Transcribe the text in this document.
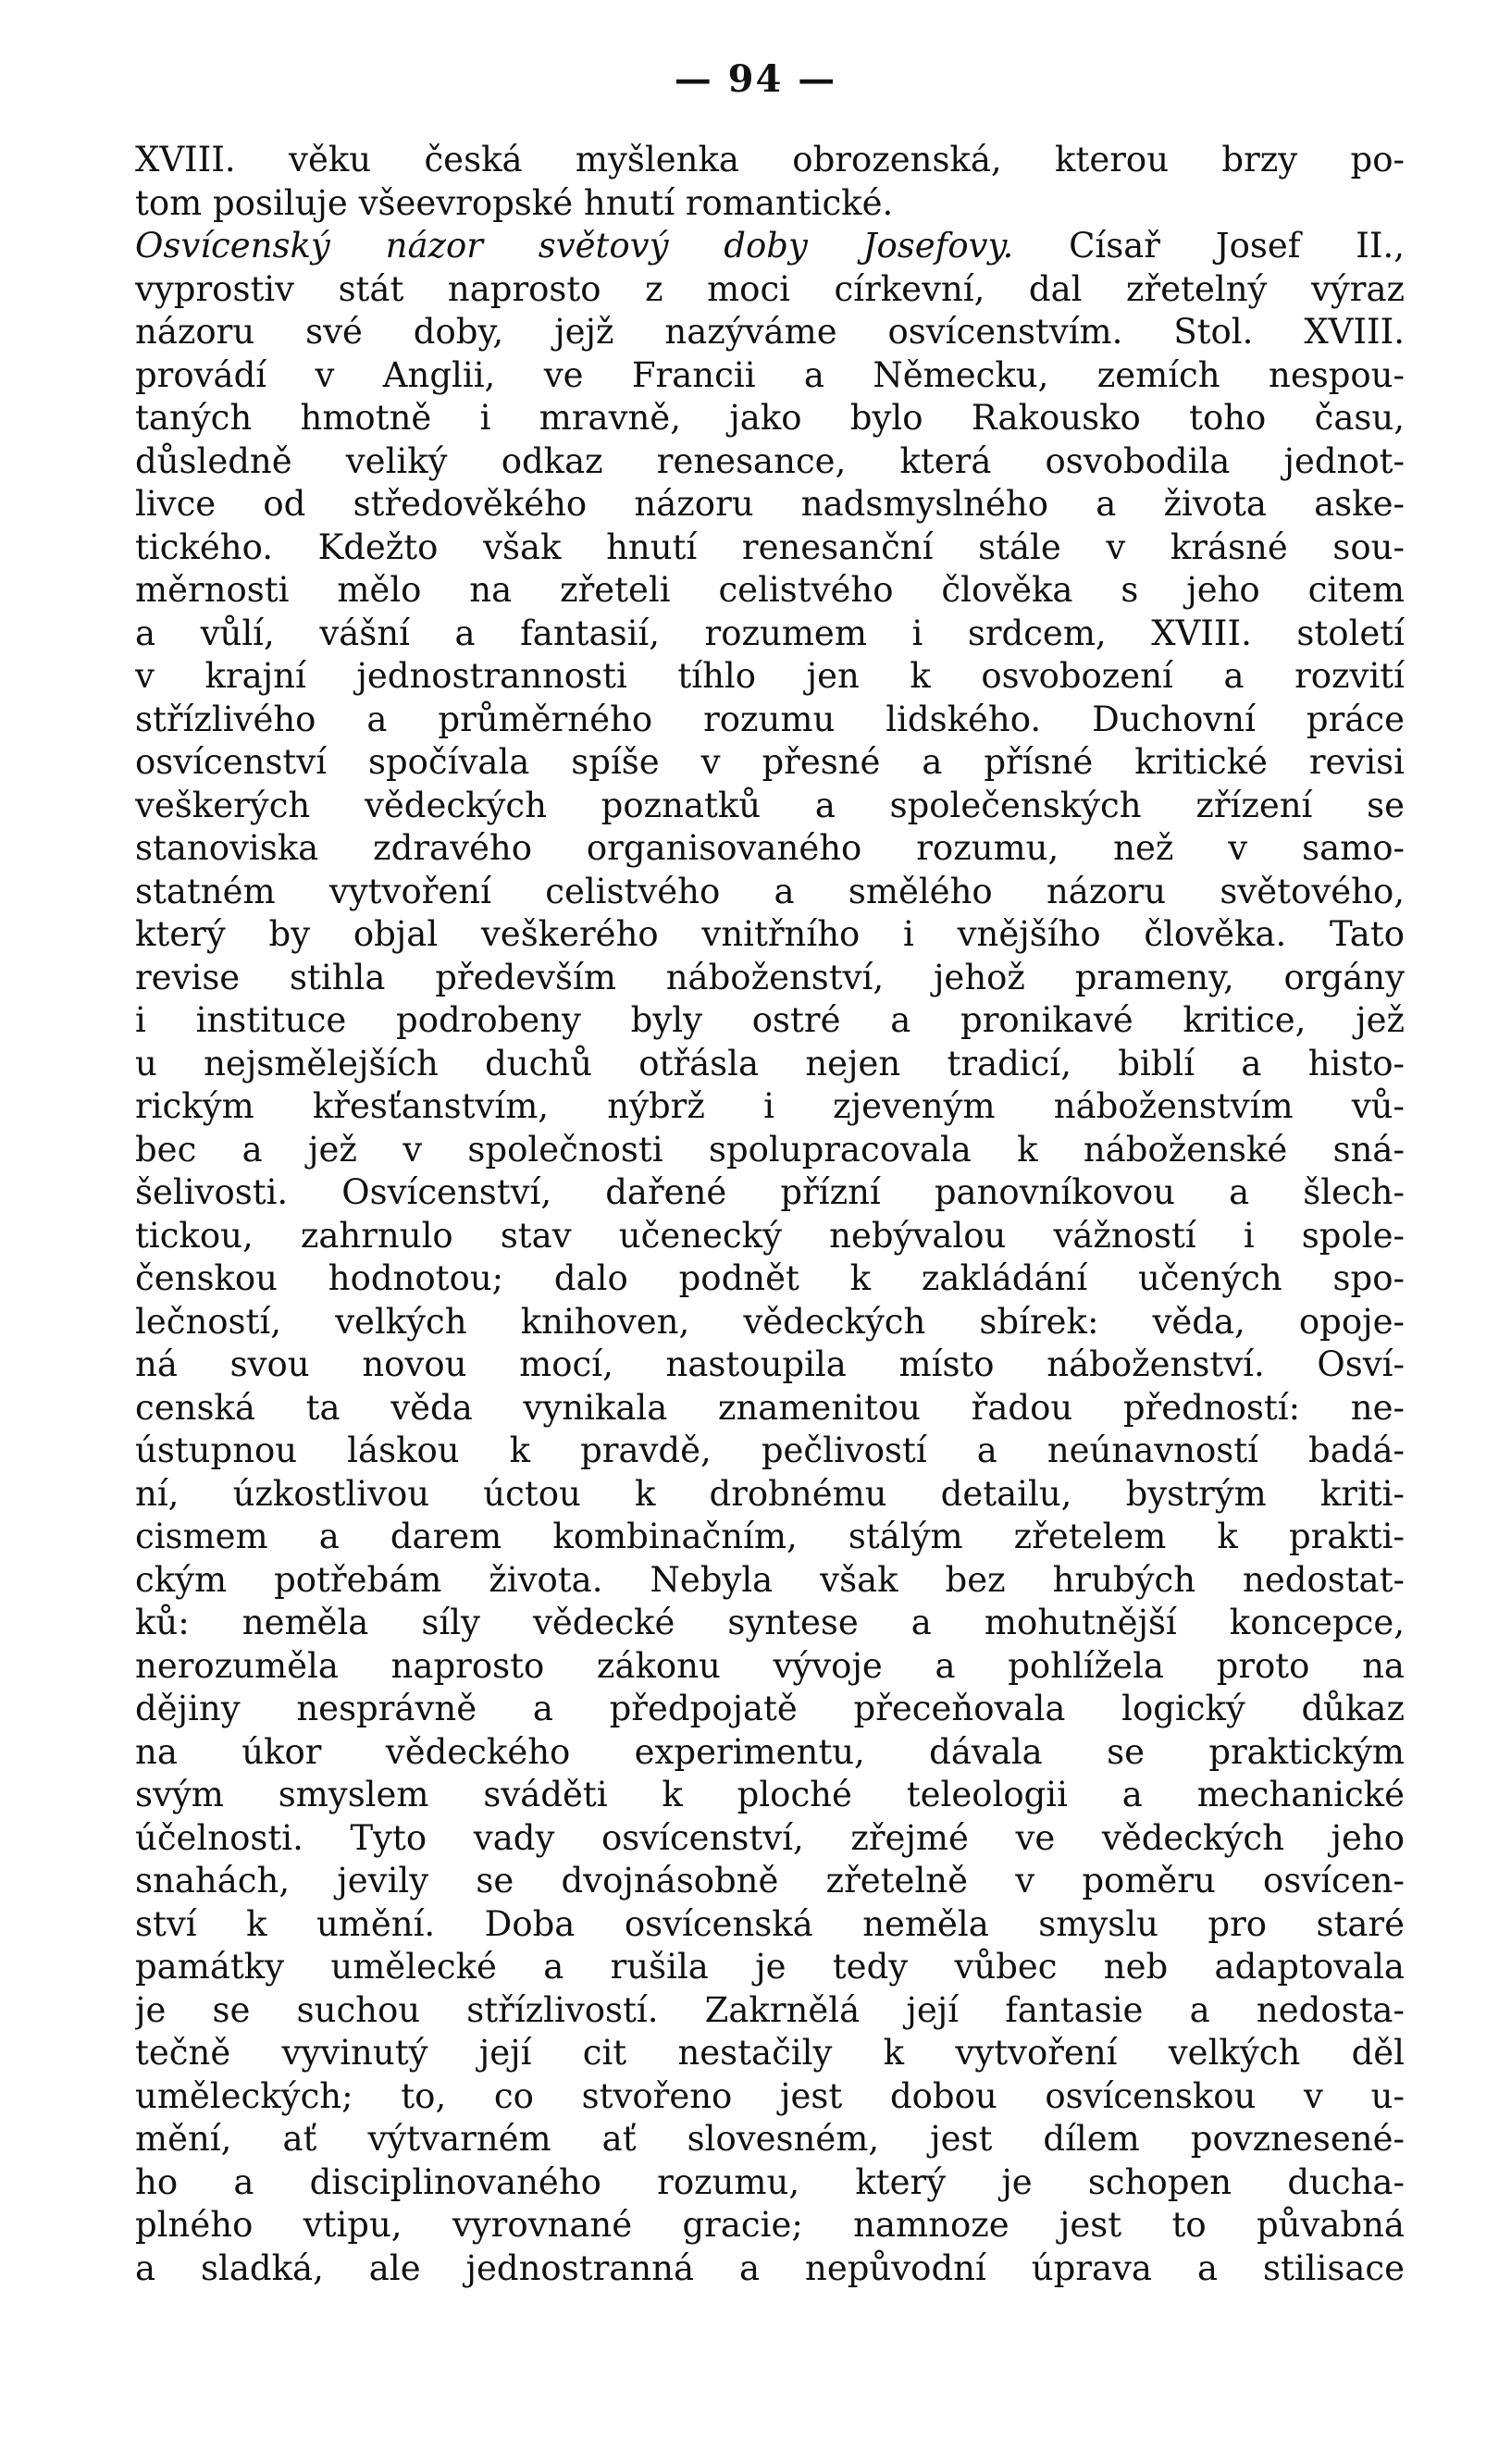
— 94 —
XVIII. věku česká myšlenka obrozenská, kterou brzy po-
tom posiluje všeevropské hnutí romantické.
Osvícenský názor světový doby Josefovy. Císař Josef II.,
vyprostiv stát naprosto z moci církevní, dal zřetelný výraz
názoru své doby, jejž nazýváme osvícenstvím. Stol. XVIII.
provádí v Anglii, ve Francii a Německu, zemích nespou-
taných hmotně i mravně, jako bylo Rakousko toho času,
důsledně veliký odkaz renesance, která osvobodila jednot-
livce od středověkého názoru nadsmyslného a života aske-
tického. Kdežto však hnutí renesanční stále v krásné sou-
měrnosti mělo na zřeteli celistvého člověka s jeho citem
a vůlí, vášní a fantasií, rozumem i srdcem, XVIII. století
v krajní jednostrannosti tíhlo jen k osvobození a rozvití
střízlivého a průměrného rozumu lidského. Duchovní práce
osvícenství spočívala spíše v přesné a přísné kritické revisi
veškerých vědeckých poznatků a společenských zřízení se
stanoviska zdravého organisovaného rozumu, než v samo-
statném vytvoření celistvého a smělého názoru světového,
který by objal veškerého vnitřního i vnějšího člověka. Tato
revise stihla především náboženství, jehož prameny, orgány
i instituce podrobeny byly ostré a pronikavé kritice, jež
u nejsmělejších duchů otřásla nejen tradicí, biblí a histo-
rickým křesťanstvím, nýbrž i zjeveným náboženstvím vů-
bec a jež v společnosti spolupracovala k náboženské sná-
šelivosti. Osvícenství, dařené přízní panovníkovou a šlech-
tickou, zahrnulo stav učenecký nebývalou vážností i spole-
čenskou hodnotou; dalo podnět k zakládání učených spo-
lečností, velkých knihoven, vědeckých sbírek: věda, opoje-
ná svou novou mocí, nastoupila místo náboženství. Osví-
censká ta věda vynikala znamenitou řadou předností: ne-
ústupnou láskou k pravdě, pečlivostí a neúnavností badá-
ní, úzkostlivou úctou k drobnému detailu, bystrým kriti-
cismem a darem kombinačním, stálým zřetelem k prakti-
ckým potřebám života. Nebyla však bez hrubých nedostat-
ků: neměla síly vědecké syntese a mohutnější koncepce,
nerozuměla naprosto zákonu vývoje a pohlížela proto na
dějiny nesprávně a předpojatě přeceňovala logický důkaz
na úkor vědeckého experimentu, dávala se praktickým
svým smyslem sváděti k ploché teleologii a mechanické
účelnosti. Tyto vady osvícenství, zřejmé ve vědeckých jeho
snahách, jevily se dvojnásobně zřetelně v poměru osvícen-
ství k umění. Doba osvícenská neměla smyslu pro staré
památky umělecké a rušila je tedy vůbec neb adaptovala
je se suchou střízlivostí. Zakrnělá její fantasie a nedosta-
tečně vyvinutý její cit nestačily k vytvoření velkých děl
uměleckých; to, co stvořeno jest dobou osvícenskou v u-
mění, ať výtvarném ať slovesném, jest dílem povznesené-
ho a disciplinovaného rozumu, který je schopen ducha-
plného vtipu, vyrovnané gracie; namnoze jest to půvabná
a sladká, ale jednostranná a nepůvodní úprava a stilisace
